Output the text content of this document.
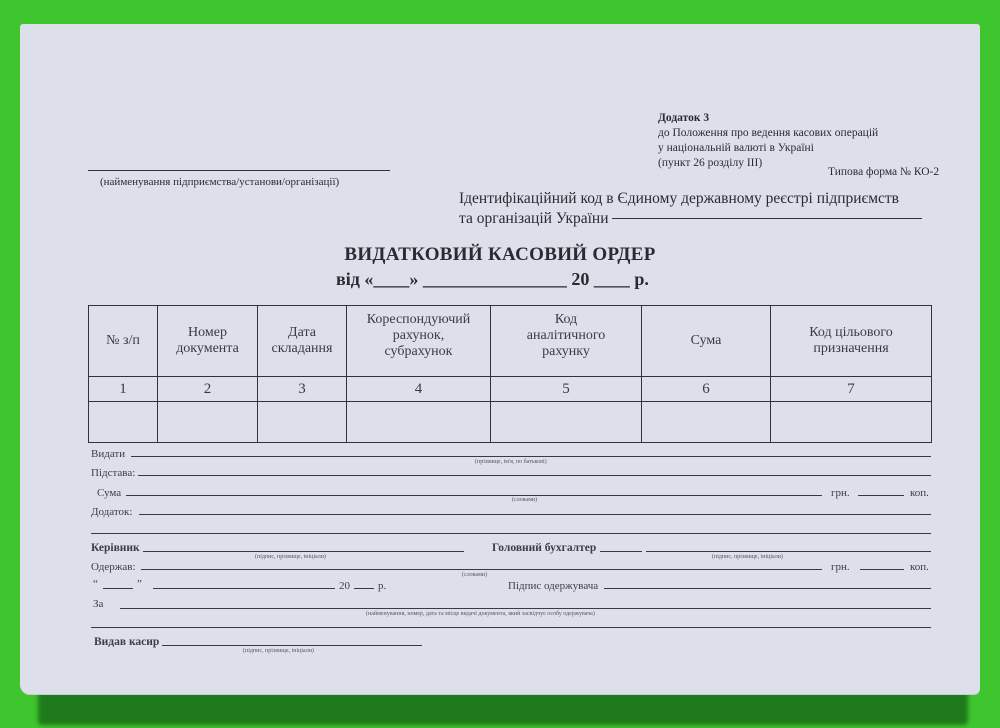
Додаток 3
до Положення про ведення касових операцій
у національній валюті в Україні
(пункт 26 розділу ІІІ)
Типова форма № КО-2
(найменування підприємства/установи/організації)
Ідентифікаційний код в Єдиному державному реєстрі підприємств
та організацій України
ВИДАТКОВИЙ КАСОВИЙ ОРДЕР
від «____» ________________ 20 ____ р.
№ з/п	Номер документа	Дата складання	Кореспондуючий рахунок, субрахунок	Код аналітичного рахунку	Сума	Код цільового призначення
1	2	3	4	5	6	7

Видати
(прізвище, ім'я, по батькові)
Підстава:
Сума
(словами)
грн.	коп.
Додаток:
Керівник
(підпис, прізвище, ініціали)
Головний бухгалтер
(підпис, прізвище, ініціали)
Одержав:
(словами)
грн.	коп.
“	”	20	р.	Підпис одержувача
За
(найменування, номер, дата та місце видачі документа, який засвідчує особу одержувача)
Видав касир
(підпис, прізвище, ініціали)
